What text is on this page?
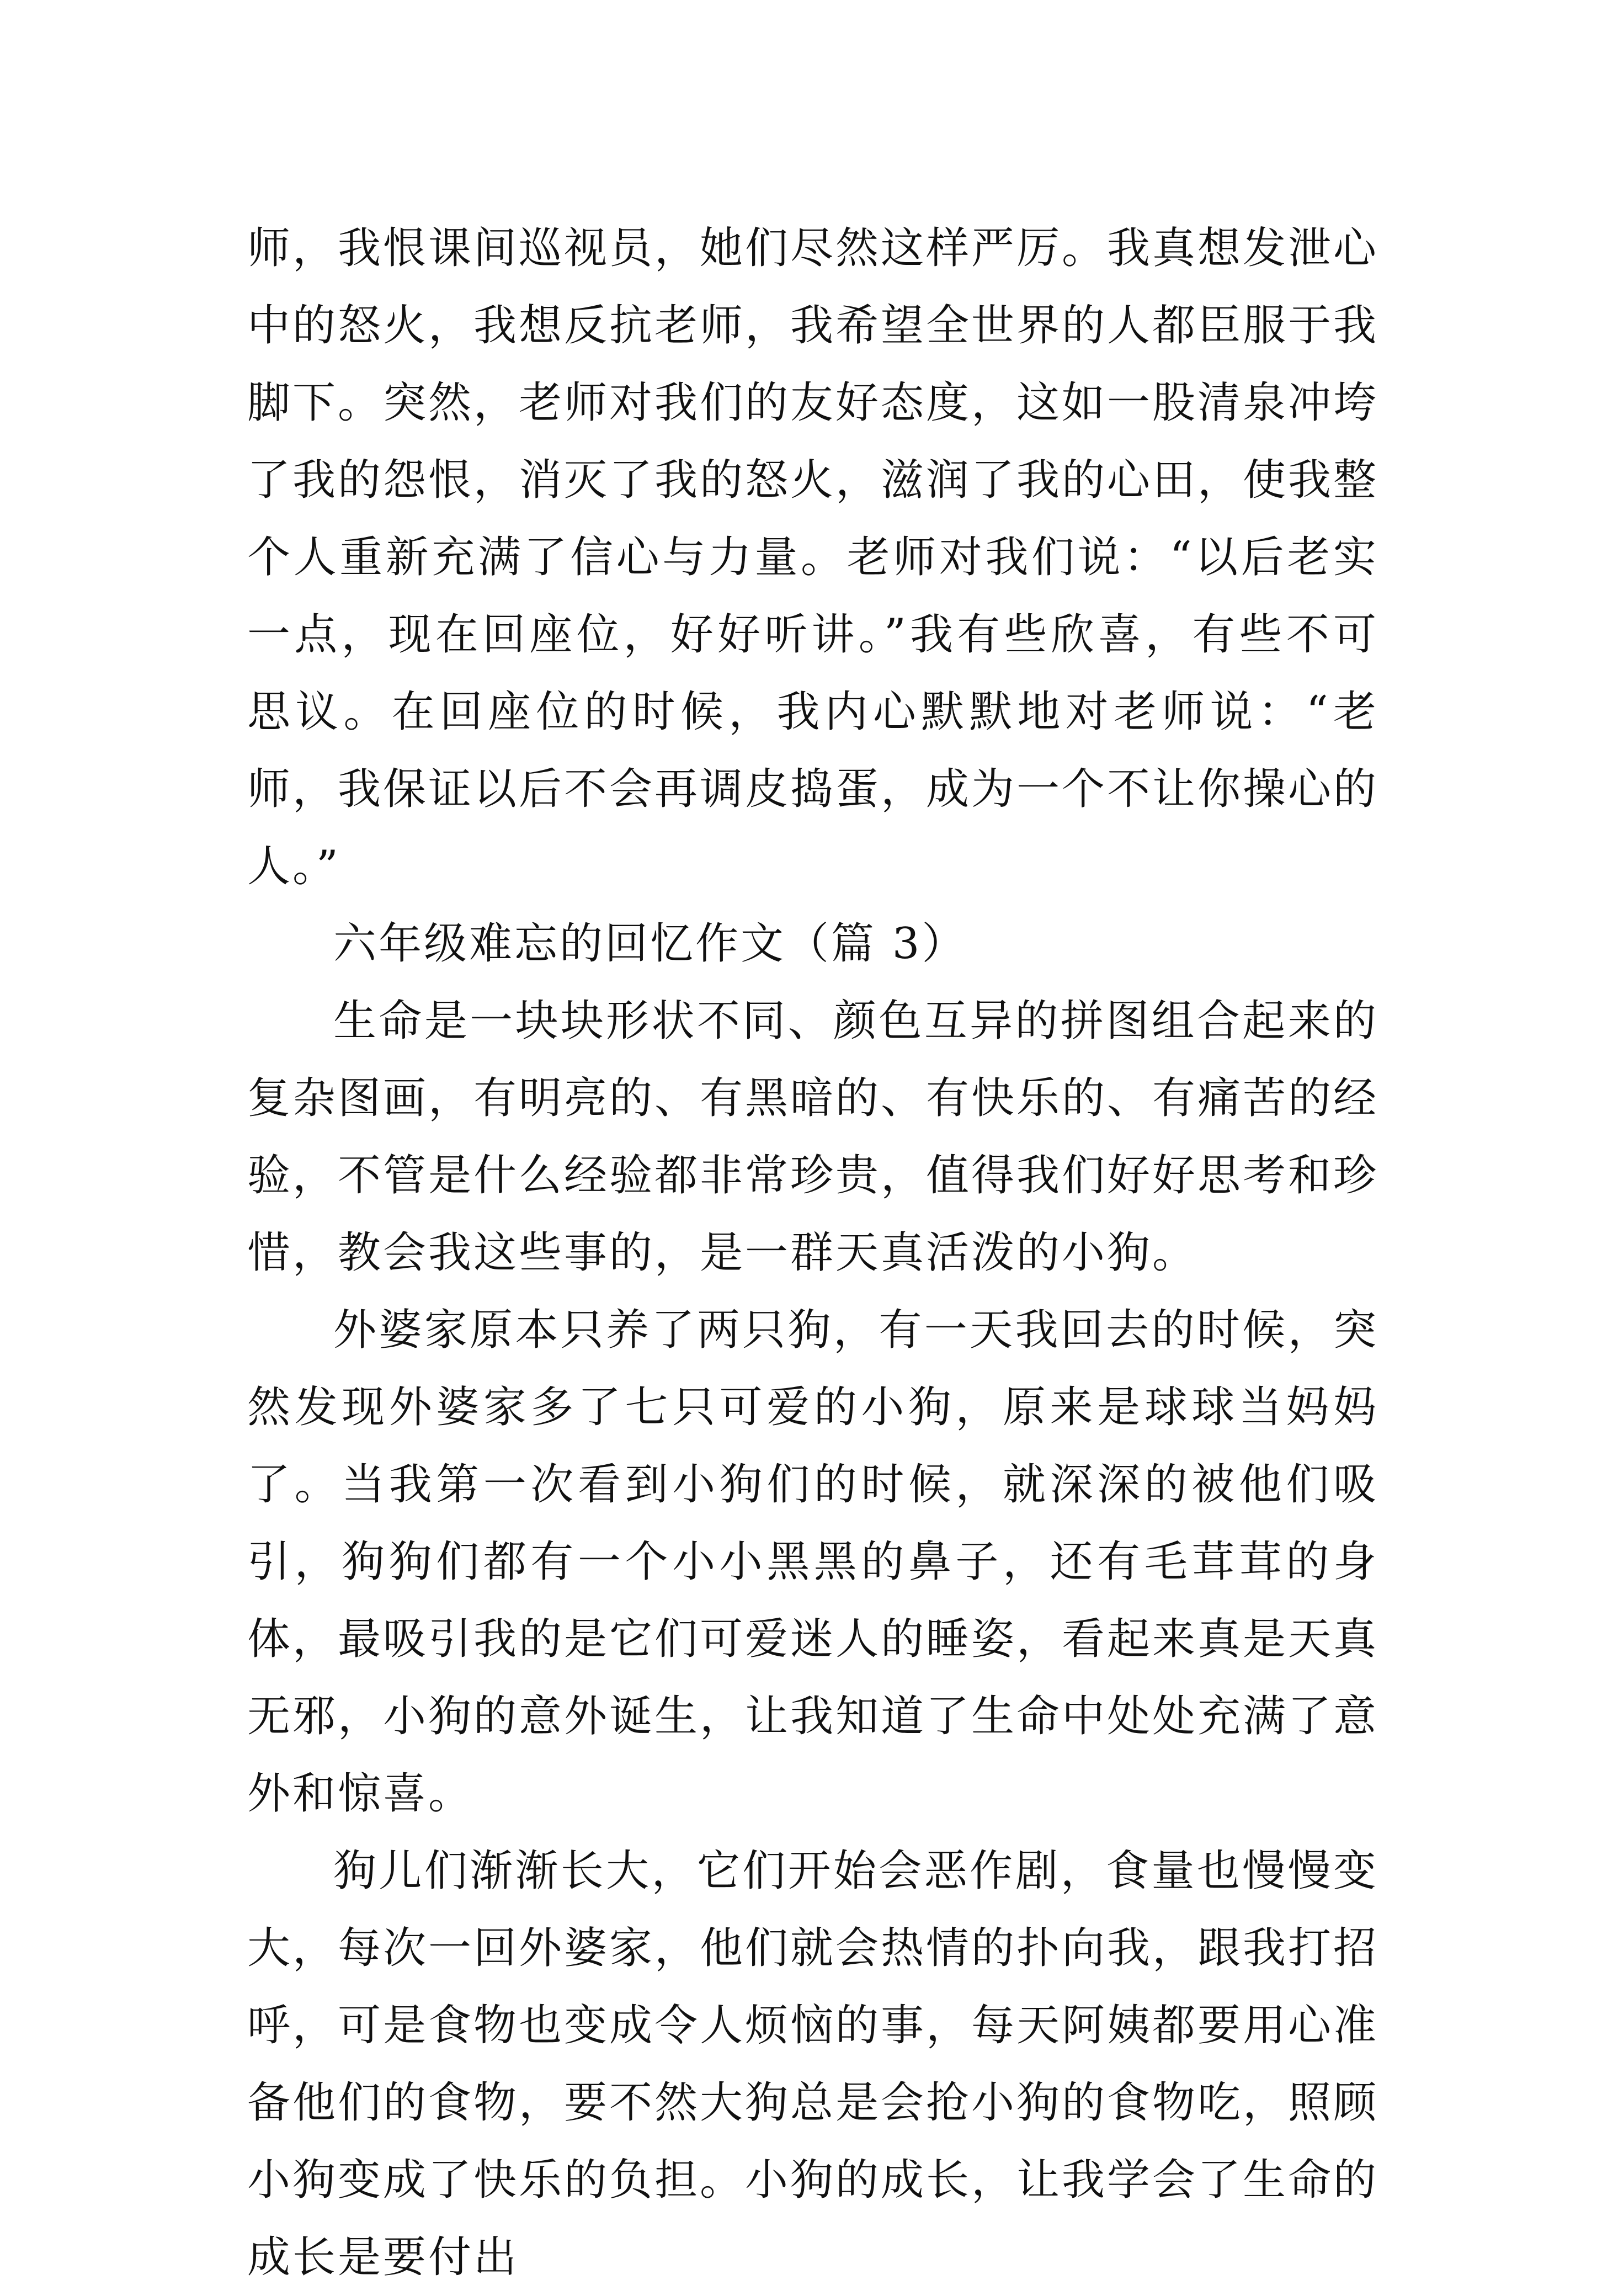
师，我恨课间巡视员，她们尽然这样严厉。我真想发泄心中的怒火，我想反抗老师，我希望全世界的人都臣服于我脚下。突然，老师对我们的友好态度，这如一股清泉冲垮了我的怨恨，消灭了我的怒火，滋润了我的心田，使我整个人重新充满了信心与力量。老师对我们说：“以后老实一点，现在回座位，好好听讲。”我有些欣喜，有些不可思议。在回座位的时候，我内心默默地对老师说：“老师，我保证以后不会再调皮捣蛋，成为一个不让你操心的人。”

六年级难忘的回忆作文（篇 3）

生命是一块块形状不同、颜色互异的拼图组合起来的复杂图画，有明亮的、有黑暗的、有快乐的、有痛苦的经验，不管是什么经验都非常珍贵，值得我们好好思考和珍惜，教会我这些事的，是一群天真活泼的小狗。

外婆家原本只养了两只狗，有一天我回去的时候，突然发现外婆家多了七只可爱的小狗，原来是球球当妈妈了。当我第一次看到小狗们的时候，就深深的被他们吸引，狗狗们都有一个小小黑黑的鼻子，还有毛茸茸的身体，最吸引我的是它们可爱迷人的睡姿，看起来真是天真无邪，小狗的意外诞生，让我知道了生命中处处充满了意外和惊喜。

狗儿们渐渐长大，它们开始会恶作剧，食量也慢慢变大，每次一回外婆家，他们就会热情的扑向我，跟我打招呼，可是食物也变成令人烦恼的事，每天阿姨都要用心准备他们的食物，要不然大狗总是会抢小狗的食物吃，照顾小狗变成了快乐的负担。小狗的成长，让我学会了生命的成长是要付出
